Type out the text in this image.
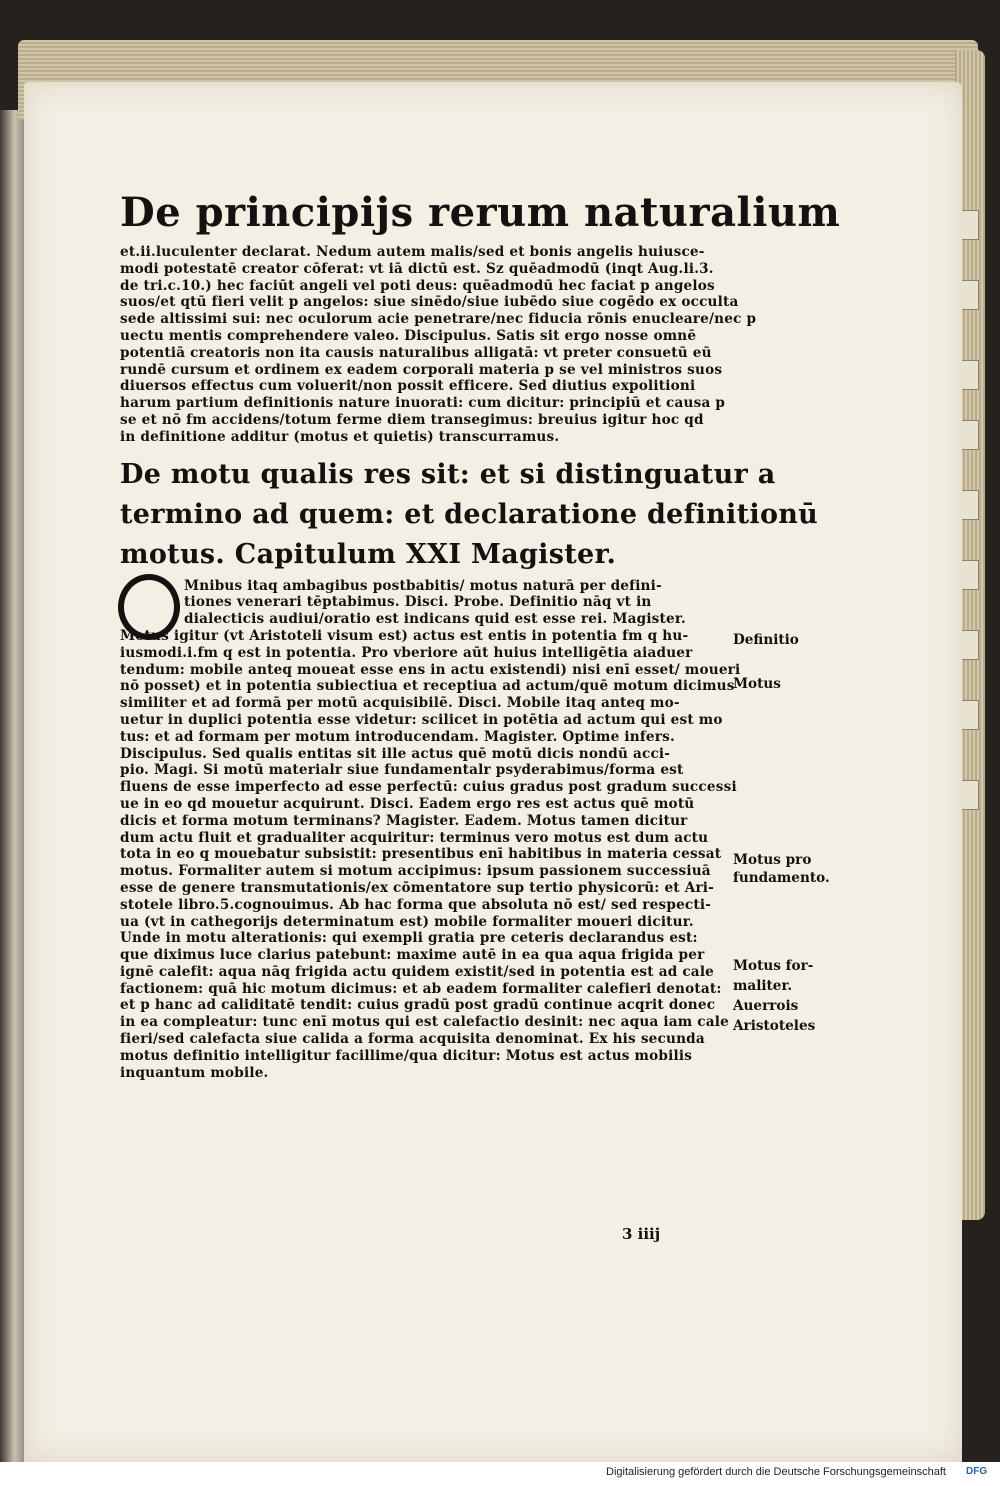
De principijs rerum naturalium
et.ii.luculenter declarat. Nedum autem malis/sed et bonis angelis huiusce-
modi potestatē creator cōferat: vt iā dictū est. Sz quēadmodū (inqt Aug.li.3.
de tri.c.10.) hec faciūt angeli vel poti deus: quēadmodū hec faciat p angelos
suos/et qtū fieri velit p angelos: siue sinēdo/siue iubēdo siue cogēdo ex occulta
sede altissimi sui: nec oculorum acie penetrare/nec fiducia rōnis enucleare/nec p
uectu mentis comprehendere valeo. Discipulus. Satis sit ergo nosse omnē
potentiā creatoris non ita causis naturalibus alligatā: vt preter consuetū eū
rundē cursum et ordinem ex eadem corporali materia p se vel ministros suos
diuersos effectus cum voluerit/non possit efficere. Sed diutius expolitioni
harum partium definitionis nature inuorati: cum dicitur: principiū et causa p
se et nō fm accidens/totum ferme diem transegimus: breuius igitur hoc qd
in definitione additur (motus et quietis) transcurramus.
De motu qualis res sit: et si distinguatur a
termino ad quem: et declaratione definitionū
motus. Capitulum XXI Magister.
Mnibus itaq ambagibus postbabitis/ motus naturā per defini-
tiones venerari tēptabimus. Disci. Probe. Definitio nāq vt in
dialecticis audiui/oratio est indicans quid est esse rei. Magister.
Motus igitur (vt Aristoteli visum est) actus est entis in potentia fm q hu-
iusmodi.i.fm q est in potentia. Pro vberiore aūt huius intelligētia aiaduer
tendum: mobile anteq moueat esse ens in actu existendi) nisi enī esset/ moueri
nō posset) et in potentia subiectiua et receptiua ad actum/quē motum dicimus
similiter et ad formā per motū acquisibilē. Disci. Mobile itaq anteq mo-
uetur in duplici potentia esse videtur: scilicet in potētia ad actum qui est mo
tus: et ad formam per motum introducendam. Magister. Optime infers.
Discipulus. Sed qualis entitas sit ille actus quē motū dicis nondū acci-
pio. Magi. Si motū materialr siue fundamentalr psyderabimus/forma est
fluens de esse imperfecto ad esse perfectū: cuius gradus post gradum successi
ue in eo qd mouetur acquirunt. Disci. Eadem ergo res est actus quē motū
dicis et forma motum terminans? Magister. Eadem. Motus tamen dicitur
dum actu fluit et gradualiter acquiritur: terminus vero motus est dum actu
tota in eo q mouebatur subsistit: presentibus enī habitibus in materia cessat
motus. Formaliter autem si motum accipimus: ipsum passionem successiuā
esse de genere transmutationis/ex cōmentatore sup tertio physicorū: et Ari-
stotele libro.5.cognouimus. Ab hac forma que absoluta nō est/ sed respecti-
ua (vt in cathegorijs determinatum est) mobile formaliter moueri dicitur.
Unde in motu alterationis: qui exempli gratia pre ceteris declarandus est:
que diximus luce clarius patebunt: maxime autē in ea qua aqua frigida per
ignē calefit: aqua nāq frigida actu quidem existit/sed in potentia est ad cale
factionem: quā hic motum dicimus: et ab eadem formaliter calefieri denotat:
et p hanc ad caliditatē tendit: cuius gradū post gradū continue acqrit donec
in ea compleatur: tunc enī motus qui est calefactio desinit: nec aqua iam cale
fieri/sed calefacta siue calida a forma acquisita denominat. Ex his secunda
motus definitio intelligitur facillime/qua dicitur: Motus est actus mobilis
inquantum mobile.
Definitio
Motus
Motus pro
fundamento.
Motus for-
maliter.
Auerrois
Aristoteles
3 iiij
Digitalisierung gefördert durch die Deutsche Forschungsgemeinschaft DFG
